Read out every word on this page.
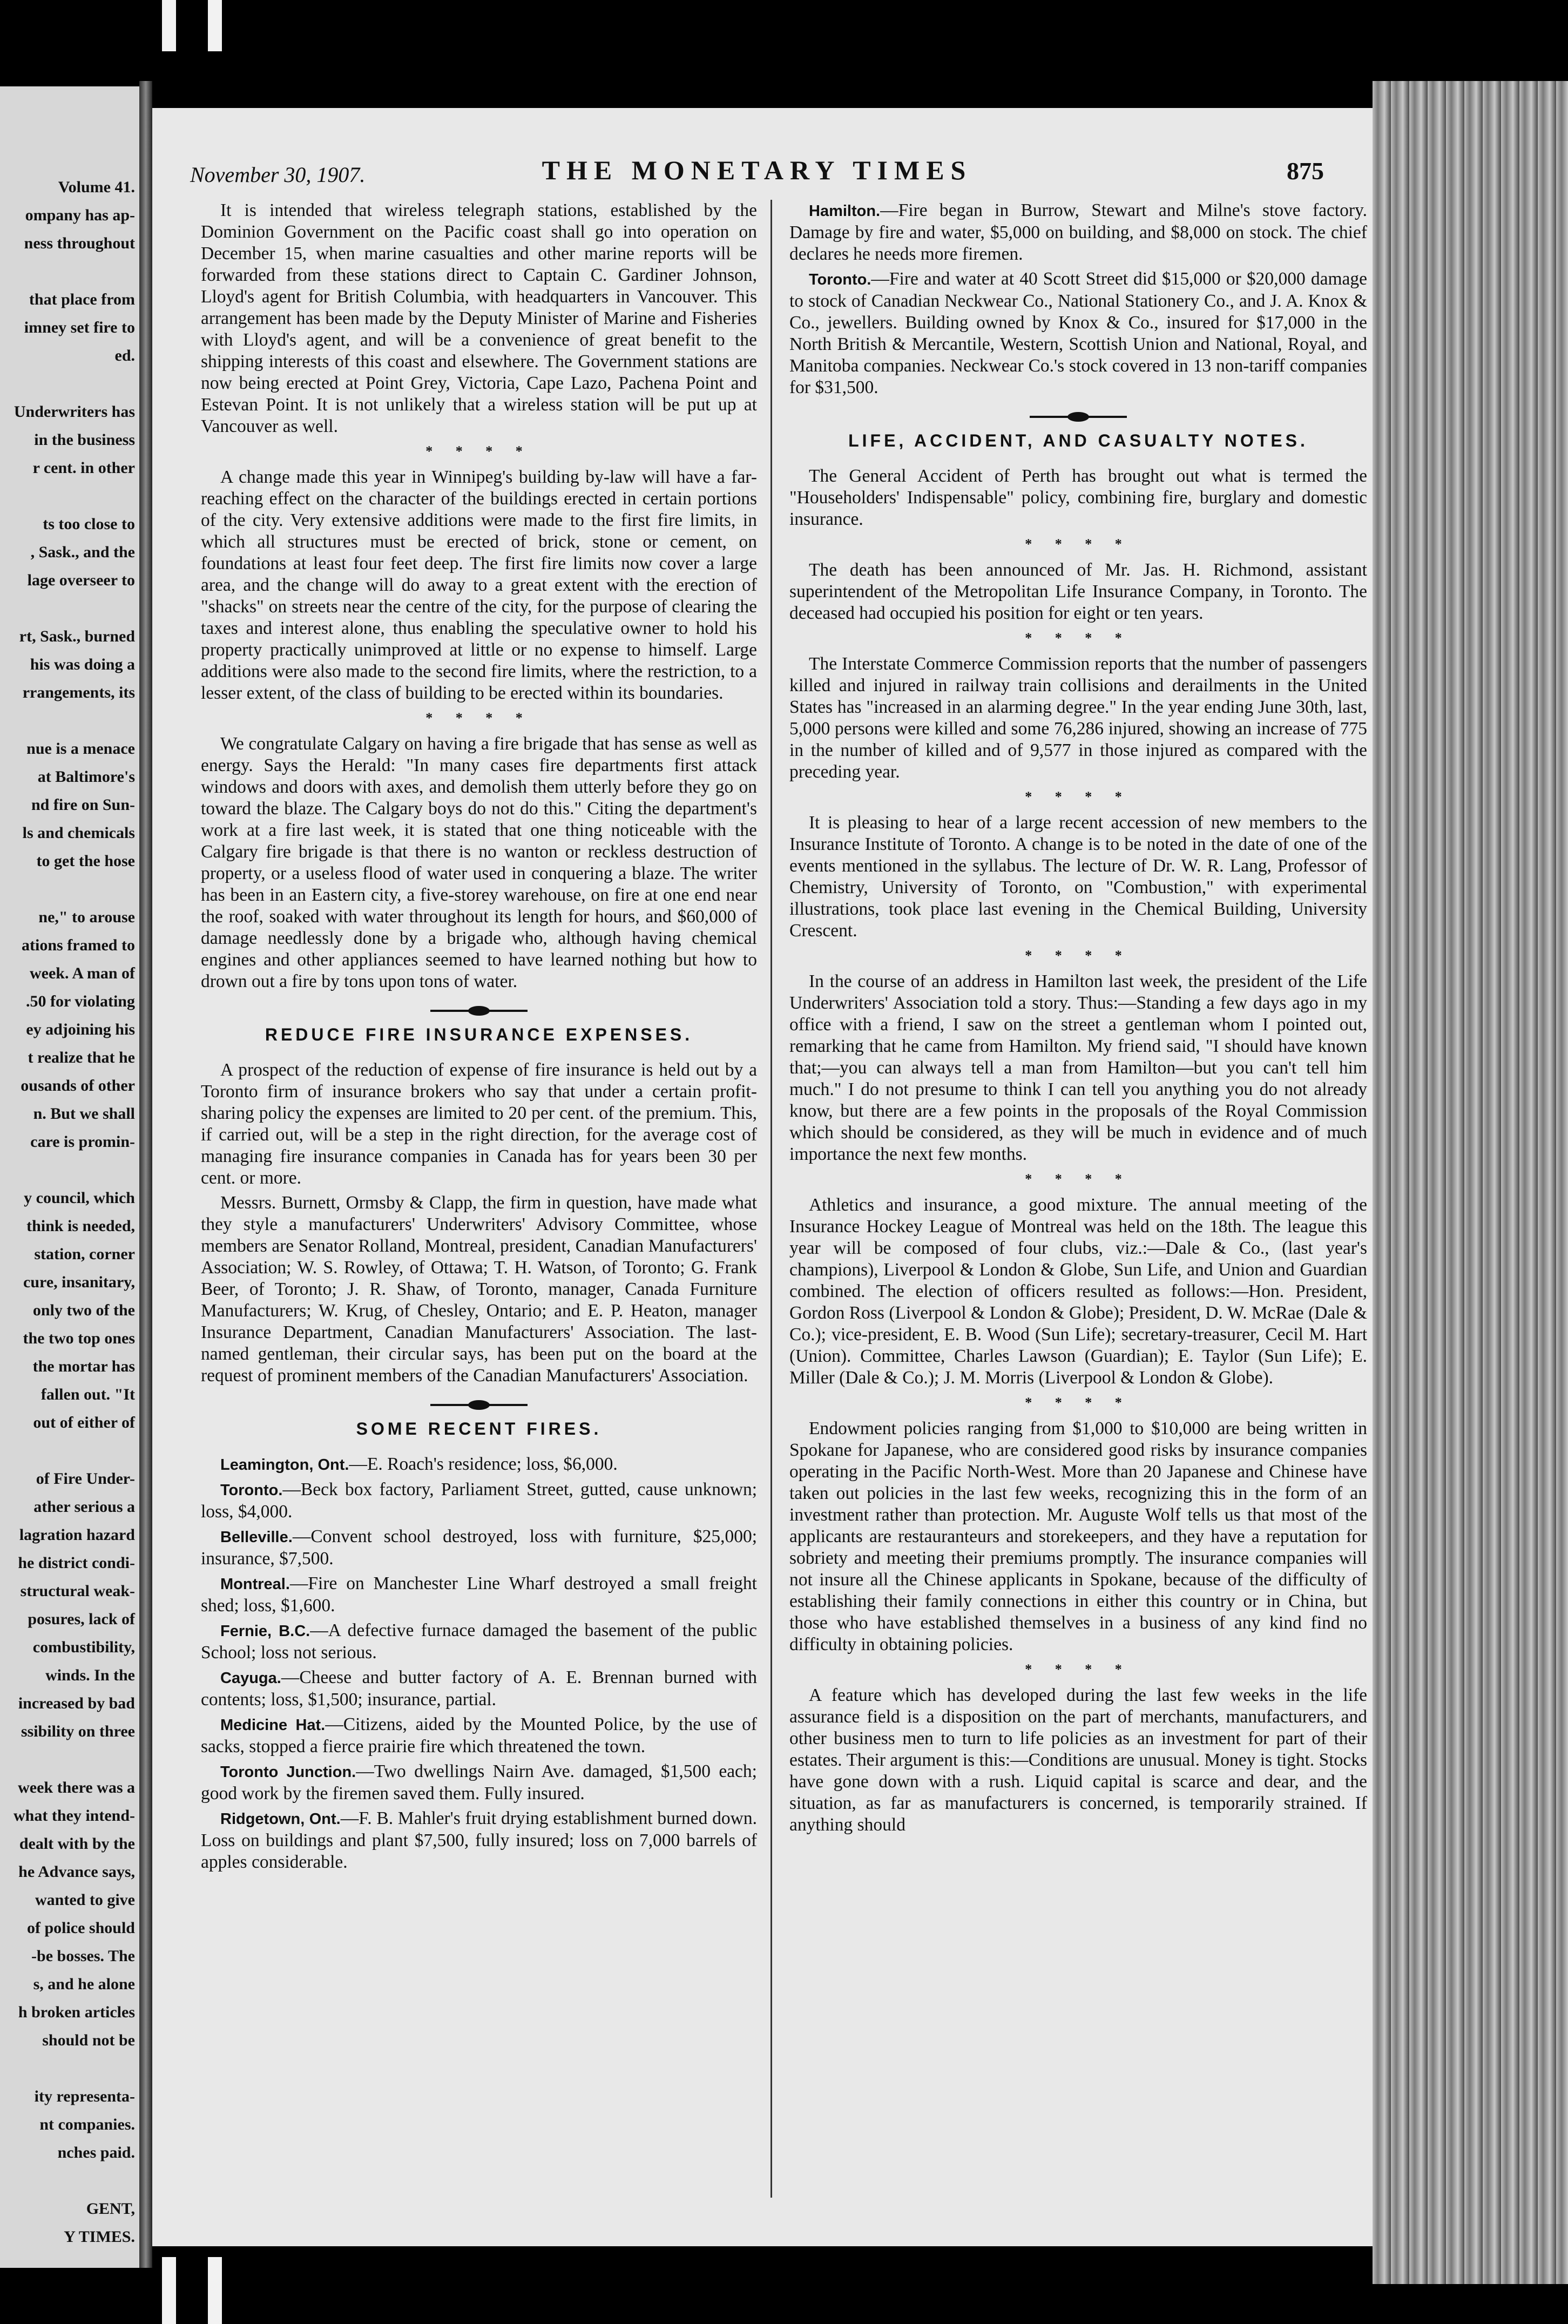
Volume 41.
ompany has ap-
ness throughout
that place from
imney set fire to
ed.
Underwriters has
in the business
r cent. in other
ts too close to
, Sask., and the
lage overseer to
rt, Sask., burned
his was doing a
rrangements, its
nue is a menace
at Baltimore's
nd fire on Sun-
ls and chemicals
to get the hose
ne," to arouse
ations framed to
week. A man of
.50 for violating
ey adjoining his
t realize that he
ousands of other
n. But we shall
care is promin-
y council, which
think is needed,
station, corner
cure, insanitary,
only two of the
the two top ones
the mortar has
fallen out. "It
out of either of
of Fire Under-
ather serious a
lagration hazard
he district condi-
structural weak-
posures, lack of
combustibility,
winds. In the
increased by bad
ssibility on three
week there was a
what they intend-
dealt with by the
he Advance says,
wanted to give
of police should
-be bosses. The
s, and he alone
h broken articles
should not be
ity representa-
nt companies.
nches paid.
GENT,
Y TIMES.
November 30, 1907.	THE MONETARY TIMES	875

It is intended that wireless telegraph stations, established by the Dominion Government on the Pacific coast shall go into operation on December 15, when marine casualties and other marine reports will be forwarded from these stations direct to Captain C. Gardiner Johnson, Lloyd's agent for British Columbia, with headquarters in Vancouver. This arrangement has been made by the Deputy Minister of Marine and Fisheries with Lloyd's agent, and will be a convenience of great benefit to the shipping interests of this coast and elsewhere. The Government stations are now being erected at Point Grey, Victoria, Cape Lazo, Pachena Point and Estevan Point. It is not unlikely that a wireless station will be put up at Vancouver as well.

* * * *

A change made this year in Winnipeg's building by-law will have a far-reaching effect on the character of the buildings erected in certain portions of the city. Very extensive additions were made to the first fire limits, in which all structures must be erected of brick, stone or cement, on foundations at least four feet deep. The first fire limits now cover a large area, and the change will do away to a great extent with the erection of "shacks" on streets near the centre of the city, for the purpose of clearing the taxes and interest alone, thus enabling the speculative owner to hold his property practically unimproved at little or no expense to himself. Large additions were also made to the second fire limits, where the restriction, to a lesser extent, of the class of building to be erected within its boundaries.

* * * *

We congratulate Calgary on having a fire brigade that has sense as well as energy. Says the Herald: "In many cases fire departments first attack windows and doors with axes, and demolish them utterly before they go on toward the blaze. The Calgary boys do not do this." Citing the department's work at a fire last week, it is stated that one thing noticeable with the Calgary fire brigade is that there is no wanton or reckless destruction of property, or a useless flood of water used in conquering a blaze. The writer has been in an Eastern city, a five-storey warehouse, on fire at one end near the roof, soaked with water throughout its length for hours, and $60,000 of damage needlessly done by a brigade who, although having chemical engines and other appliances seemed to have learned nothing but how to drown out a fire by tons upon tons of water.

REDUCE FIRE INSURANCE EXPENSES.

A prospect of the reduction of expense of fire insurance is held out by a Toronto firm of insurance brokers who say that under a certain profit-sharing policy the expenses are limited to 20 per cent. of the premium. This, if carried out, will be a step in the right direction, for the average cost of managing fire insurance companies in Canada has for years been 30 per cent. or more.

Messrs. Burnett, Ormsby & Clapp, the firm in question, have made what they style a manufacturers' Underwriters' Advisory Committee, whose members are Senator Rolland, Montreal, president, Canadian Manufacturers' Association; W. S. Rowley, of Ottawa; T. H. Watson, of Toronto; G. Frank Beer, of Toronto; J. R. Shaw, of Toronto, manager, Canada Furniture Manufacturers; W. Krug, of Chesley, Ontario; and E. P. Heaton, manager Insurance Department, Canadian Manufacturers' Association. The last-named gentleman, their circular says, has been put on the board at the request of prominent members of the Canadian Manufacturers' Association.

SOME RECENT FIRES.

Leamington, Ont.—E. Roach's residence; loss, $6,000.

Toronto.—Beck box factory, Parliament Street, gutted, cause unknown; loss, $4,000.

Belleville.—Convent school destroyed, loss with furniture, $25,000; insurance, $7,500.

Montreal.—Fire on Manchester Line Wharf destroyed a small freight shed; loss, $1,600.

Fernie, B.C.—A defective furnace damaged the basement of the public School; loss not serious.

Cayuga.—Cheese and butter factory of A. E. Brennan burned with contents; loss, $1,500; insurance, partial.

Medicine Hat.—Citizens, aided by the Mounted Police, by the use of sacks, stopped a fierce prairie fire which threatened the town.

Toronto Junction.—Two dwellings Nairn Ave. damaged, $1,500 each; good work by the firemen saved them. Fully insured.

Ridgetown, Ont.—F. B. Mahler's fruit drying establishment burned down. Loss on buildings and plant $7,500, fully insured; loss on 7,000 barrels of apples considerable.

Hamilton.—Fire began in Burrow, Stewart and Milne's stove factory. Damage by fire and water, $5,000 on building, and $8,000 on stock. The chief declares he needs more firemen.

Toronto.—Fire and water at 40 Scott Street did $15,000 or $20,000 damage to stock of Canadian Neckwear Co., National Stationery Co., and J. A. Knox & Co., jewellers. Building owned by Knox & Co., insured for $17,000 in the North British & Mercantile, Western, Scottish Union and National, Royal, and Manitoba companies. Neckwear Co.'s stock covered in 13 non-tariff companies for $31,500.

LIFE, ACCIDENT, AND CASUALTY NOTES.

The General Accident of Perth has brought out what is termed the "Householders' Indispensable" policy, combining fire, burglary and domestic insurance.

* * * *

The death has been announced of Mr. Jas. H. Richmond, assistant superintendent of the Metropolitan Life Insurance Company, in Toronto. The deceased had occupied his position for eight or ten years.

* * * *

The Interstate Commerce Commission reports that the number of passengers killed and injured in railway train collisions and derailments in the United States has "increased in an alarming degree." In the year ending June 30th, last, 5,000 persons were killed and some 76,286 injured, showing an increase of 775 in the number of killed and of 9,577 in those injured as compared with the preceding year.

* * * *

It is pleasing to hear of a large recent accession of new members to the Insurance Institute of Toronto. A change is to be noted in the date of one of the events mentioned in the syllabus. The lecture of Dr. W. R. Lang, Professor of Chemistry, University of Toronto, on "Combustion," with experimental illustrations, took place last evening in the Chemical Building, University Crescent.

* * * *

In the course of an address in Hamilton last week, the president of the Life Underwriters' Association told a story. Thus:—Standing a few days ago in my office with a friend, I saw on the street a gentleman whom I pointed out, remarking that he came from Hamilton. My friend said, "I should have known that;—you can always tell a man from Hamilton—but you can't tell him much." I do not presume to think I can tell you anything you do not already know, but there are a few points in the proposals of the Royal Commission which should be considered, as they will be much in evidence and of much importance the next few months.

* * * *

Athletics and insurance, a good mixture. The annual meeting of the Insurance Hockey League of Montreal was held on the 18th. The league this year will be composed of four clubs, viz.:—Dale & Co., (last year's champions), Liverpool & London & Globe, Sun Life, and Union and Guardian combined. The election of officers resulted as follows:—Hon. President, Gordon Ross (Liverpool & London & Globe); President, D. W. McRae (Dale & Co.); vice-president, E. B. Wood (Sun Life); secretary-treasurer, Cecil M. Hart (Union). Committee, Charles Lawson (Guardian); E. Taylor (Sun Life); E. Miller (Dale & Co.); J. M. Morris (Liverpool & London & Globe).

* * * *

Endowment policies ranging from $1,000 to $10,000 are being written in Spokane for Japanese, who are considered good risks by insurance companies operating in the Pacific North-West. More than 20 Japanese and Chinese have taken out policies in the last few weeks, recognizing this in the form of an investment rather than protection. Mr. Auguste Wolf tells us that most of the applicants are restauranteurs and storekeepers, and they have a reputation for sobriety and meeting their premiums promptly. The insurance companies will not insure all the Chinese applicants in Spokane, because of the difficulty of establishing their family connections in either this country or in China, but those who have established themselves in a business of any kind find no difficulty in obtaining policies.

* * * *

A feature which has developed during the last few weeks in the life assurance field is a disposition on the part of merchants, manufacturers, and other business men to turn to life policies as an investment for part of their estates. Their argument is this:—Conditions are unusual. Money is tight. Stocks have gone down with a rush. Liquid capital is scarce and dear, and the situation, as far as manufacturers is concerned, is temporarily strained. If anything should
